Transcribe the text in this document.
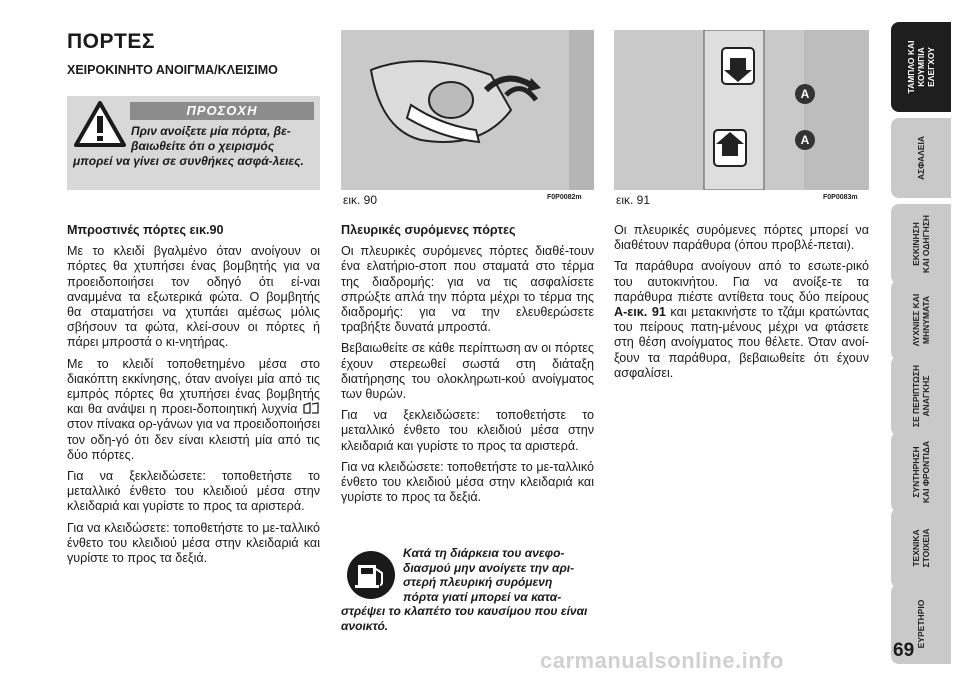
ΠΟΡΤΕΣ
ΧΕΙΡΟΚΙΝΗΤΟ ΑΝΟΙΓΜΑ/ΚΛΕΙΣΙΜΟ
ΠΡΟΣΟΧΗ
Πριν ανοίξετε μία πόρτα, βε-
βαιωθείτε ότι ο χειρισμός
μπορεί να γίνει σε συνθήκες ασφά-λειες.
εικ. 90	F0P0082m
A
A
εικ. 91	F0P0083m
Μπροστινές πόρτες εικ.90

Με το κλειδί βγαλμένο όταν ανοίγουν οι πόρτες θα χτυπήσει ένας βομβητής για να προειδοποιήσει τον οδηγό ότι εί-ναι αναμμένα τα εξωτερικά φώτα. Ο βομβητής θα σταματήσει να χτυπάει αμέσως μόλις σβήσουν τα φώτα, κλεί-σουν οι πόρτες ή πάρει μπροστά ο κι-νητήρας.

Με το κλειδί τοποθετημένο μέσα στο διακόπτη εκκίνησης, όταν ανοίγει μία από τις εμπρός πόρτες θα χτυπήσει ένας βομβητής και θα ανάψει η προει-δοποιητική λυχνία  στον πίνακα ορ-γάνων για να προειδοποιήσει τον οδη-γό ότι δεν είναι κλειστή μία από τις δύο πόρτες.

Για να ξεκλειδώσετε: τοποθετήστε το μεταλλικό ένθετο του κλειδιού μέσα στην κλειδαριά και γυρίστε το προς τα αριστερά.

Για να κλειδώσετε: τοποθετήστε το με-ταλλικό ένθετο του κλειδιού μέσα στην κλειδαριά και γυρίστε το προς τα δεξιά.

Πλευρικές συρόμενες πόρτες

Οι πλευρικές συρόμενες πόρτες διαθέ-τουν ένα ελατήριο-στοπ που σταματά στο τέρμα της διαδρομής: για να τις ασφαλίσετε σπρώξτε απλά την πόρτα μέχρι το τέρμα της διαδρομής: για να την ελευθερώσετε τραβήξτε δυνατά μπροστά.

Βεβαιωθείτε σε κάθε περίπτωση αν οι πόρτες έχουν στερεωθεί σωστά στη διάταξη διατήρησης του ολοκληρωτι-κού ανοίγματος των θυρών.

Για να ξεκλειδώσετε: τοποθετήστε το μεταλλικό ένθετο του κλειδιού μέσα στην κλειδαριά και γυρίστε το προς τα αριστερά.

Για να κλειδώσετε: τοποθετήστε το με-ταλλικό ένθετο του κλειδιού μέσα στην κλειδαριά και γυρίστε το προς τα δεξιά.

Κατά τη διάρκεια του ανεφο-
διασμού μην ανοίγετε την αρι-
στερή πλευρική συρόμενη
πόρτα γιατί μπορεί να κατα-
στρέψει το κλαπέτο του καυσίμου που είναι ανοικτό.

Οι πλευρικές συρόμενες πόρτες μπορεί να διαθέτουν παράθυρα (όπου προβλέ-πεται).

Τα παράθυρα ανοίγουν από το εσωτε-ρικό του αυτοκινήτου. Για να ανοίξε-τε τα παράθυρα πιέστε αντίθετα τους δύο πείρους A-εικ. 91 και μετακινήστε το τζάμι κρατώντας του πείρους πατη-μένους μέχρι να φτάσετε στη θέση ανοίγματος που θέλετε. Όταν ανοί-ξουν τα παράθυρα, βεβαιωθείτε ότι έχουν ασφαλίσει.

ΤΑΜΠΛΟ ΚΑΙ
ΚΟΥΜΠΙΑ
ΕΛΕΓΧΟΥ
ΑΣΦΑΛΕΙΑ
ΕΚΚΙΝΗΣΗ
ΚΑΙ ΟΔΗΓΗΣΗ
ΛΥΧΝΙΕΣ ΚΑΙ
ΜΗΝΥΜΑΤΑ
ΣΕ ΠΕΡΙΠΤΩΣΗ
ΑΝΑΓΚΗΣ
ΣΥΝΤΗΡΗΣΗ
ΚΑΙ ΦΡΟΝΤΙΔΑ
ΤΕΧΝΙΚΑ
ΣΤΟΙΧΕΙΑ
ΕΥΡΕΤΗΡΙΟ
69
carmanualsonline.info
